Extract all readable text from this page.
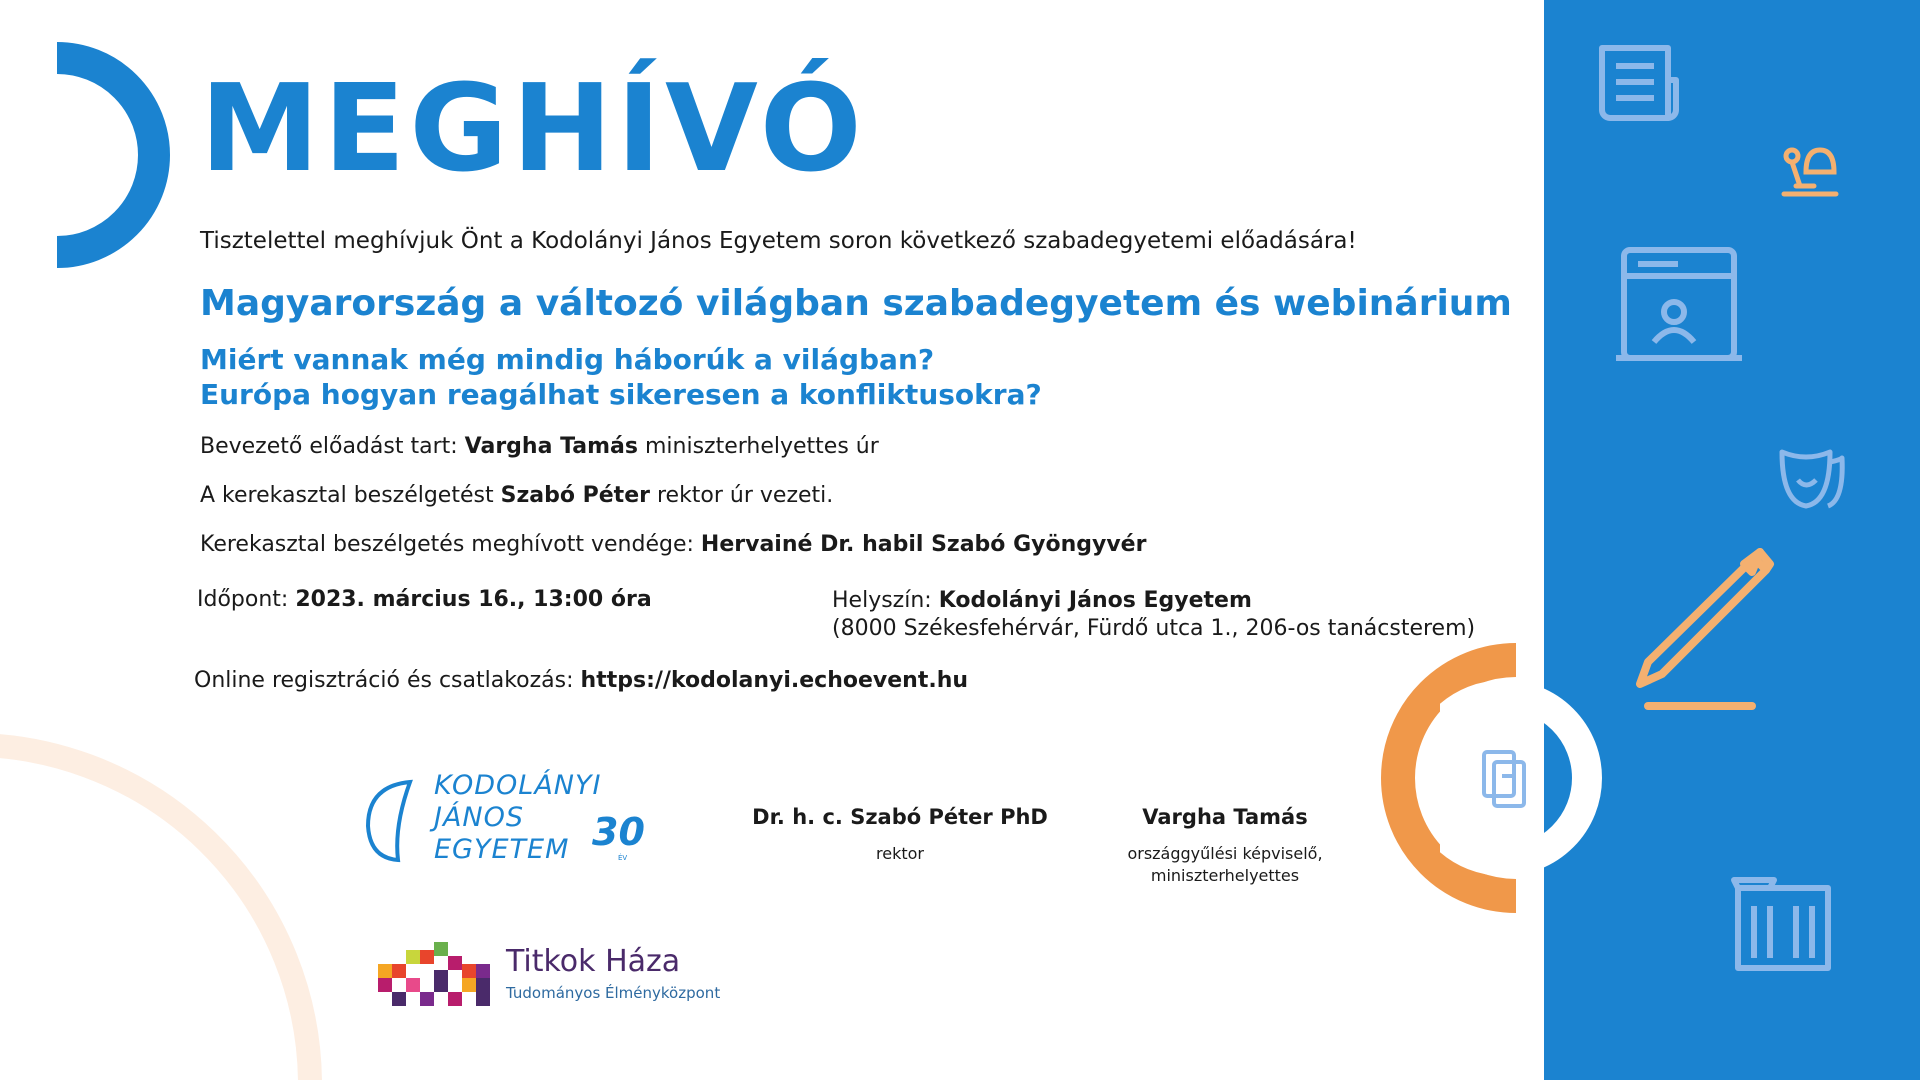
MEGHÍVÓ
Tisztelettel meghívjuk Önt a Kodolányi János Egyetem soron következő szabadegyetemi előadására!
Magyarország a változó világban szabadegyetem és webinárium
Miért vannak még mindig háborúk a világban?
Európa hogyan reagálhat sikeresen a konfliktusokra?
Bevezető előadást tart: Vargha Tamás miniszterhelyettes úr
A kerekasztal beszélgetést Szabó Péter rektor úr vezeti.
Kerekasztal beszélgetés meghívott vendége: Hervainé Dr. habil Szabó Gyöngyvér
Időpont: 2023. március 16., 13:00 óra	Helyszín: Kodolányi János Egyetem
(8000 Székesfehérvár, Fürdő utca 1., 206-os tanácsterem)
Online regisztráció és csatlakozás: https://kodolanyi.echoevent.hu
KODOLÁNYI
JÁNOS
EGYETEM 30
ÉV
Dr. h. c. Szabó Péter PhD
rektor
Vargha Tamás
országgyűlési képviselő,
miniszterhelyettes
Titkok Háza
Tudományos Élményközpont
